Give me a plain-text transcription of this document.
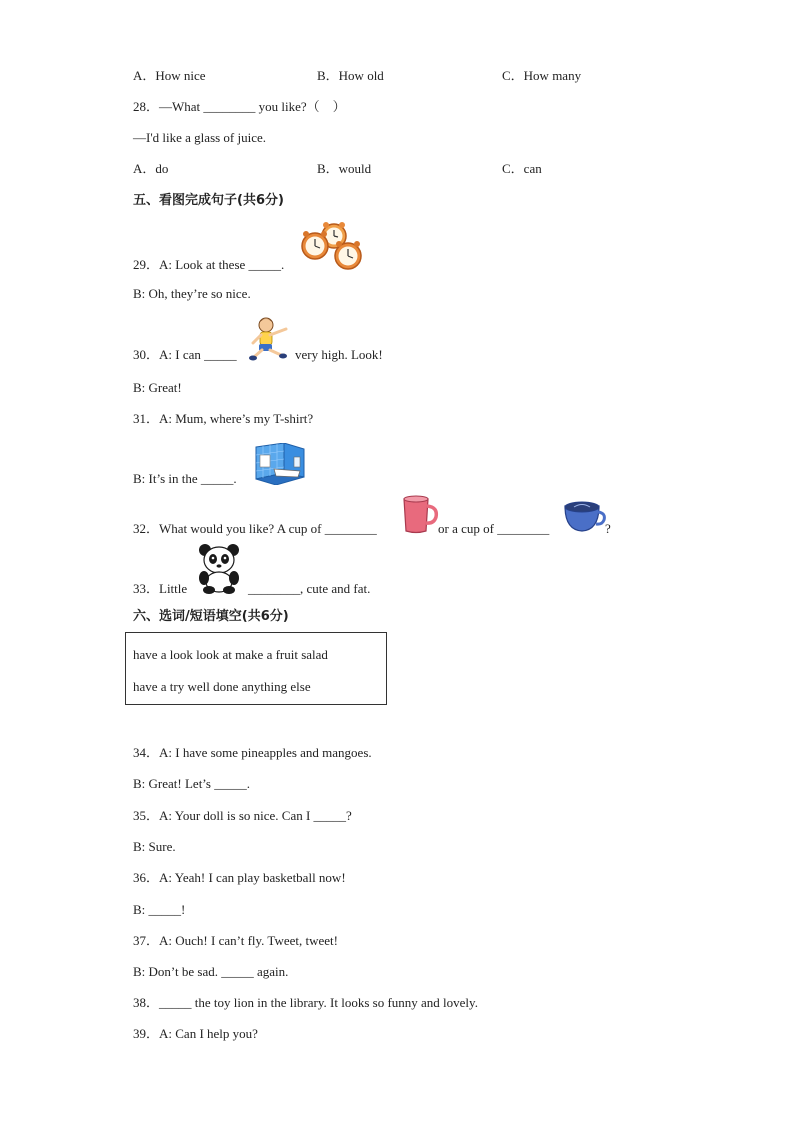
A．How nice	B．How old	C．How many
28．—What ________ you like?（　）
—I'd like a glass of juice.
A．do	B．would	C．can
五、看图完成句子(共6分)
29．A: Look at these _____.
B: Oh, they’re so nice.
30．A: I can _____	very high. Look!
B: Great!
31．A: Mum, where’s my T-shirt?
B: It’s in the _____.
32．What would you like? A cup of ________	or a cup of ________	?
33．Little	________, cute and fat.
六、选词/短语填空(共6分)
have a look look at make a fruit salad
have a try well done anything else
34．A: I have some pineapples and mangoes.
B: Great! Let’s _____.
35．A: Your doll is so nice. Can I _____?
B: Sure.
36．A: Yeah! I can play basketball now!
B: _____!
37．A: Ouch! I can’t fly. Tweet, tweet!
B: Don’t be sad. _____ again.
38．_____ the toy lion in the library. It looks so funny and lovely.
39．A: Can I help you?
